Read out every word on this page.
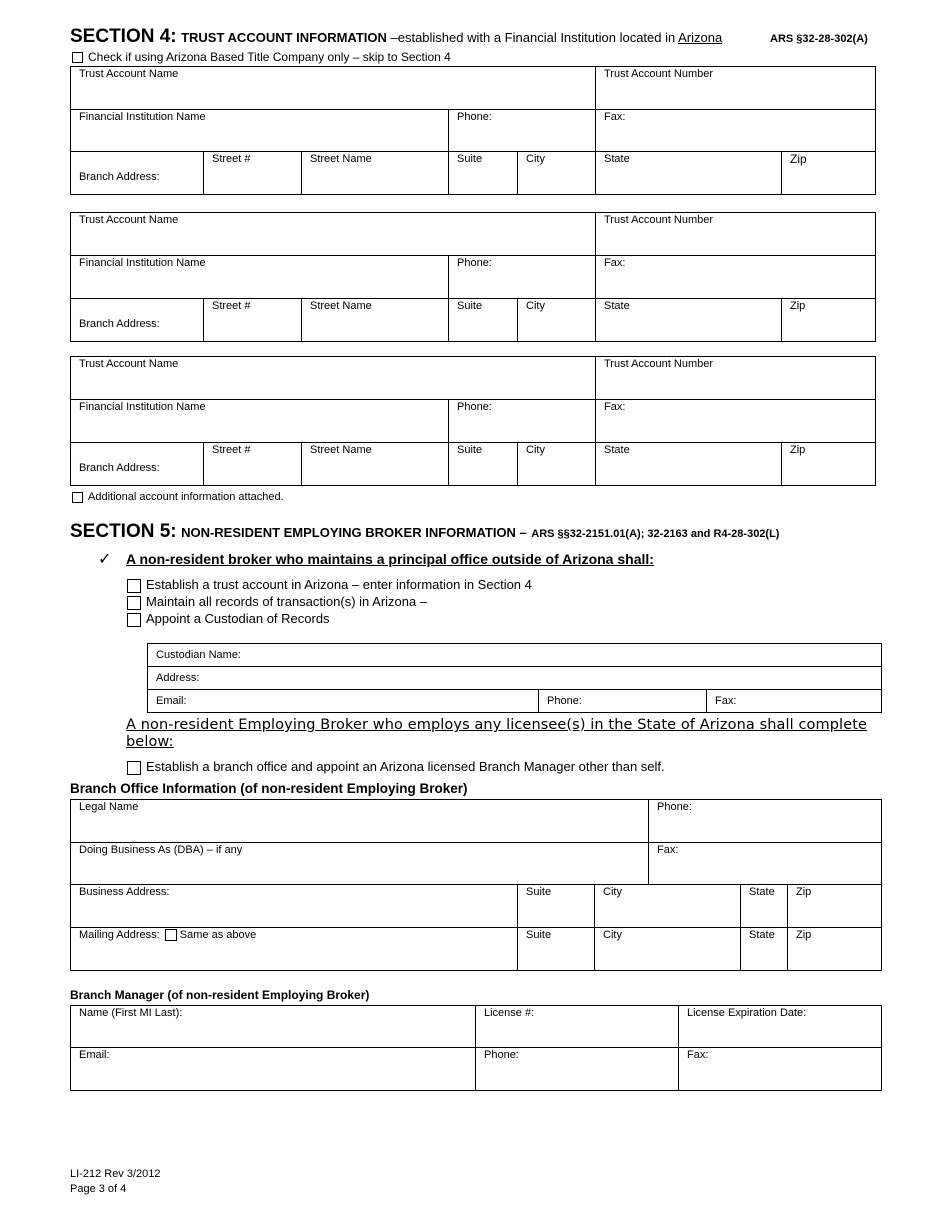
SECTION 4: TRUST ACCOUNT INFORMATION –established with a Financial Institution located in Arizona	ARS §32-28-302(A)
Check if using Arizona Based Title Company only – skip to Section 4
Trust Account Name					Trust Account Number	
Financial Institution Name			Phone:		Fax:	
Branch Address:	Street #	Street Name	Suite	City	State	Zip
Trust Account Name					Trust Account Number	
Financial Institution Name			Phone:		Fax:	
Branch Address:	Street #	Street Name	Suite	City	State	Zip
Trust Account Name					Trust Account Number	
Financial Institution Name			Phone:		Fax:	
Branch Address:	Street #	Street Name	Suite	City	State	Zip
Additional account information attached.
SECTION 5: NON-RESIDENT EMPLOYING BROKER INFORMATION – ARS §§32-2151.01(A); 32-2163 and R4-28-302(L)
✓ A non-resident broker who maintains a principal office outside of Arizona shall:
Establish a trust account in Arizona – enter information in Section 4
Maintain all records of transaction(s) in Arizona –
Appoint a Custodian of Records
Custodian Name:
Address:
Email:	Phone:	Fax:
A non-resident Employing Broker who employs any licensee(s) in the State of Arizona shall complete below:
Establish a branch office and appoint an Arizona licensed Branch Manager other than self.
Branch Office Information (of non-resident Employing Broker)
Legal Name			Phone:		
Doing Business As (DBA) – if any			Fax:		
Business Address:	Suite	City		State	Zip
Mailing Address: Same as above	Suite	City		State	Zip
Branch Manager (of non-resident Employing Broker)
Name (First MI Last):	License #:	License Expiration Date:
Email:	Phone:	Fax:
LI-212 Rev 3/2012
Page 3 of 4
